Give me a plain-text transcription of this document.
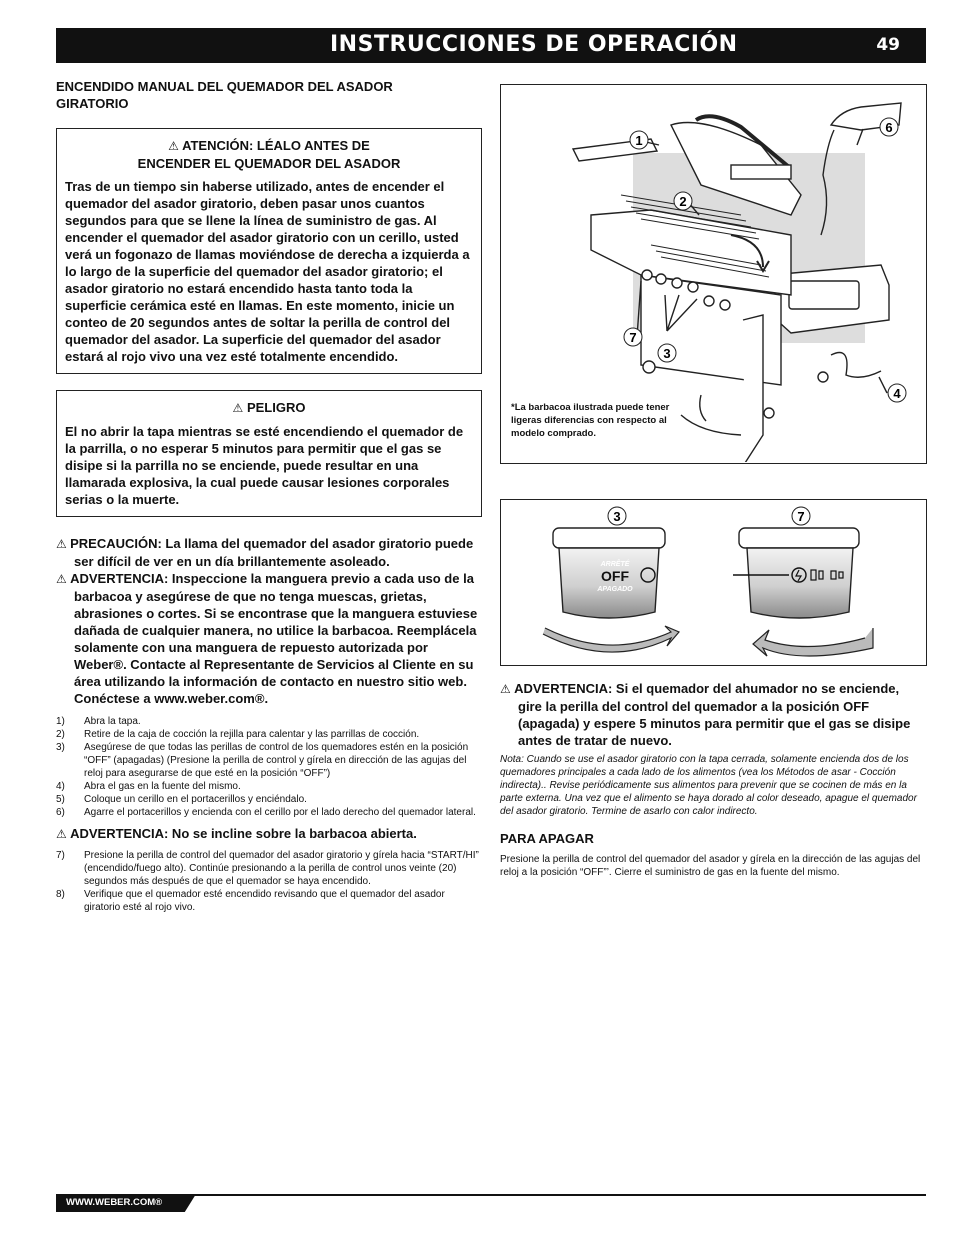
INSTRUCCIONES DE OPERACIÓN	49
ENCENDIDO MANUAL DEL QUEMADOR DEL ASADOR GIRATORIO
⚠ ATENCIÓN: LÉALO ANTES DE
ENCENDER EL QUEMADOR DEL ASADOR
Tras de un tiempo sin haberse utilizado, antes de encender el quemador del asador giratorio, deben pasar unos cuantos segundos para que se llene la línea de suministro de gas. Al encender el quemador del asador giratorio con un cerillo, usted verá un fogonazo de llamas moviéndose de derecha a izquierda a lo largo de la superficie del quemador del asador giratorio; el asador giratorio no estará encendido hasta tanto toda la superficie cerámica esté en llamas. En este momento, inicie un conteo de 20 segundos antes de soltar la perilla de control del quemador del asador. La superficie del quemador del asador estará al rojo vivo una vez esté totalmente encendido.
⚠ PELIGRO
El no abrir la tapa mientras se esté encendiendo el quemador de la parrilla, o no esperar 5 minutos para permitir que el gas se disipe si la parrilla no se enciende, puede resultar en una llamarada explosiva, la cual puede causar lesiones corporales serias o la muerte.
⚠ PRECAUCIÓN: La llama del quemador del asador giratorio puede ser difícil de ver en un día brillantemente asoleado.
⚠ ADVERTENCIA: Inspeccione la manguera previo a cada uso de la barbacoa y asegúrese de que no tenga muescas, grietas, abrasiones o cortes. Si se encontrase que la manguera estuviese dañada de cualquier manera, no utilice la barbacoa. Reemplácela solamente con una manguera de repuesto autorizada por Weber®. Contacte al Representante de Servicios al Cliente en su área utilizando la información de contacto en nuestro sitio web. Conéctese a www.weber.com®.
1)	Abra la tapa.
2)	Retire de la caja de cocción la rejilla para calentar y las parrillas de cocción.
3)	Asegúrese de que todas las perillas de control de los quemadores estén en la posición “OFF” (apagadas) (Presione la perilla de control y gírela en dirección de las agujas del reloj para asegurarse de que esté en la posición “OFF”)
4)	Abra el gas en la fuente del mismo.
5)	Coloque un cerillo en el portacerillos y enciéndalo.
6)	Agarre el portacerillos y encienda con el cerillo por el lado derecho del quemador lateral.
⚠ ADVERTENCIA: No se incline sobre la barbacoa abierta.
7)	Presione la perilla de control del quemador del asador giratorio y gírela hacia “START/HI” (encendido/fuego alto). Continúe presionando a la perilla de control unos veinte (20) segundos más después de que el quemador se haya encendido.
8)	Verifique que el quemador esté encendido revisando que el quemador del asador giratorio esté al rojo vivo.
1
2
3
4
6
7
*La barbacoa ilustrada puede tener ligeras diferencias con respecto al modelo comprado.
ARRÊTÉ
OFF
APAGADO
3	7
⚠ ADVERTENCIA: Si el quemador del ahumador no se enciende, gire la perilla del control del quemador a la posición OFF (apagada) y espere 5 minutos para permitir que el gas se disipe antes de tratar de nuevo.
Nota: Cuando se use el asador giratorio con la tapa cerrada, solamente encienda dos de los quemadores principales a cada lado de los alimentos (vea los Métodos de asar - Cocción indirecta).. Revise periódicamente sus alimentos para prevenir que se cocinen de más en la parte externa. Una vez que el alimento se haya dorado al color deseado, apague el quemador del asador giratorio. Termine de asarlo con calor indirecto.
PARA APAGAR
Presione la perilla de control del quemador del asador y gírela en la dirección de las agujas del reloj a la posición “OFF”’. Cierre el suministro de gas en la fuente del mismo.
WWW.WEBER.COM®
